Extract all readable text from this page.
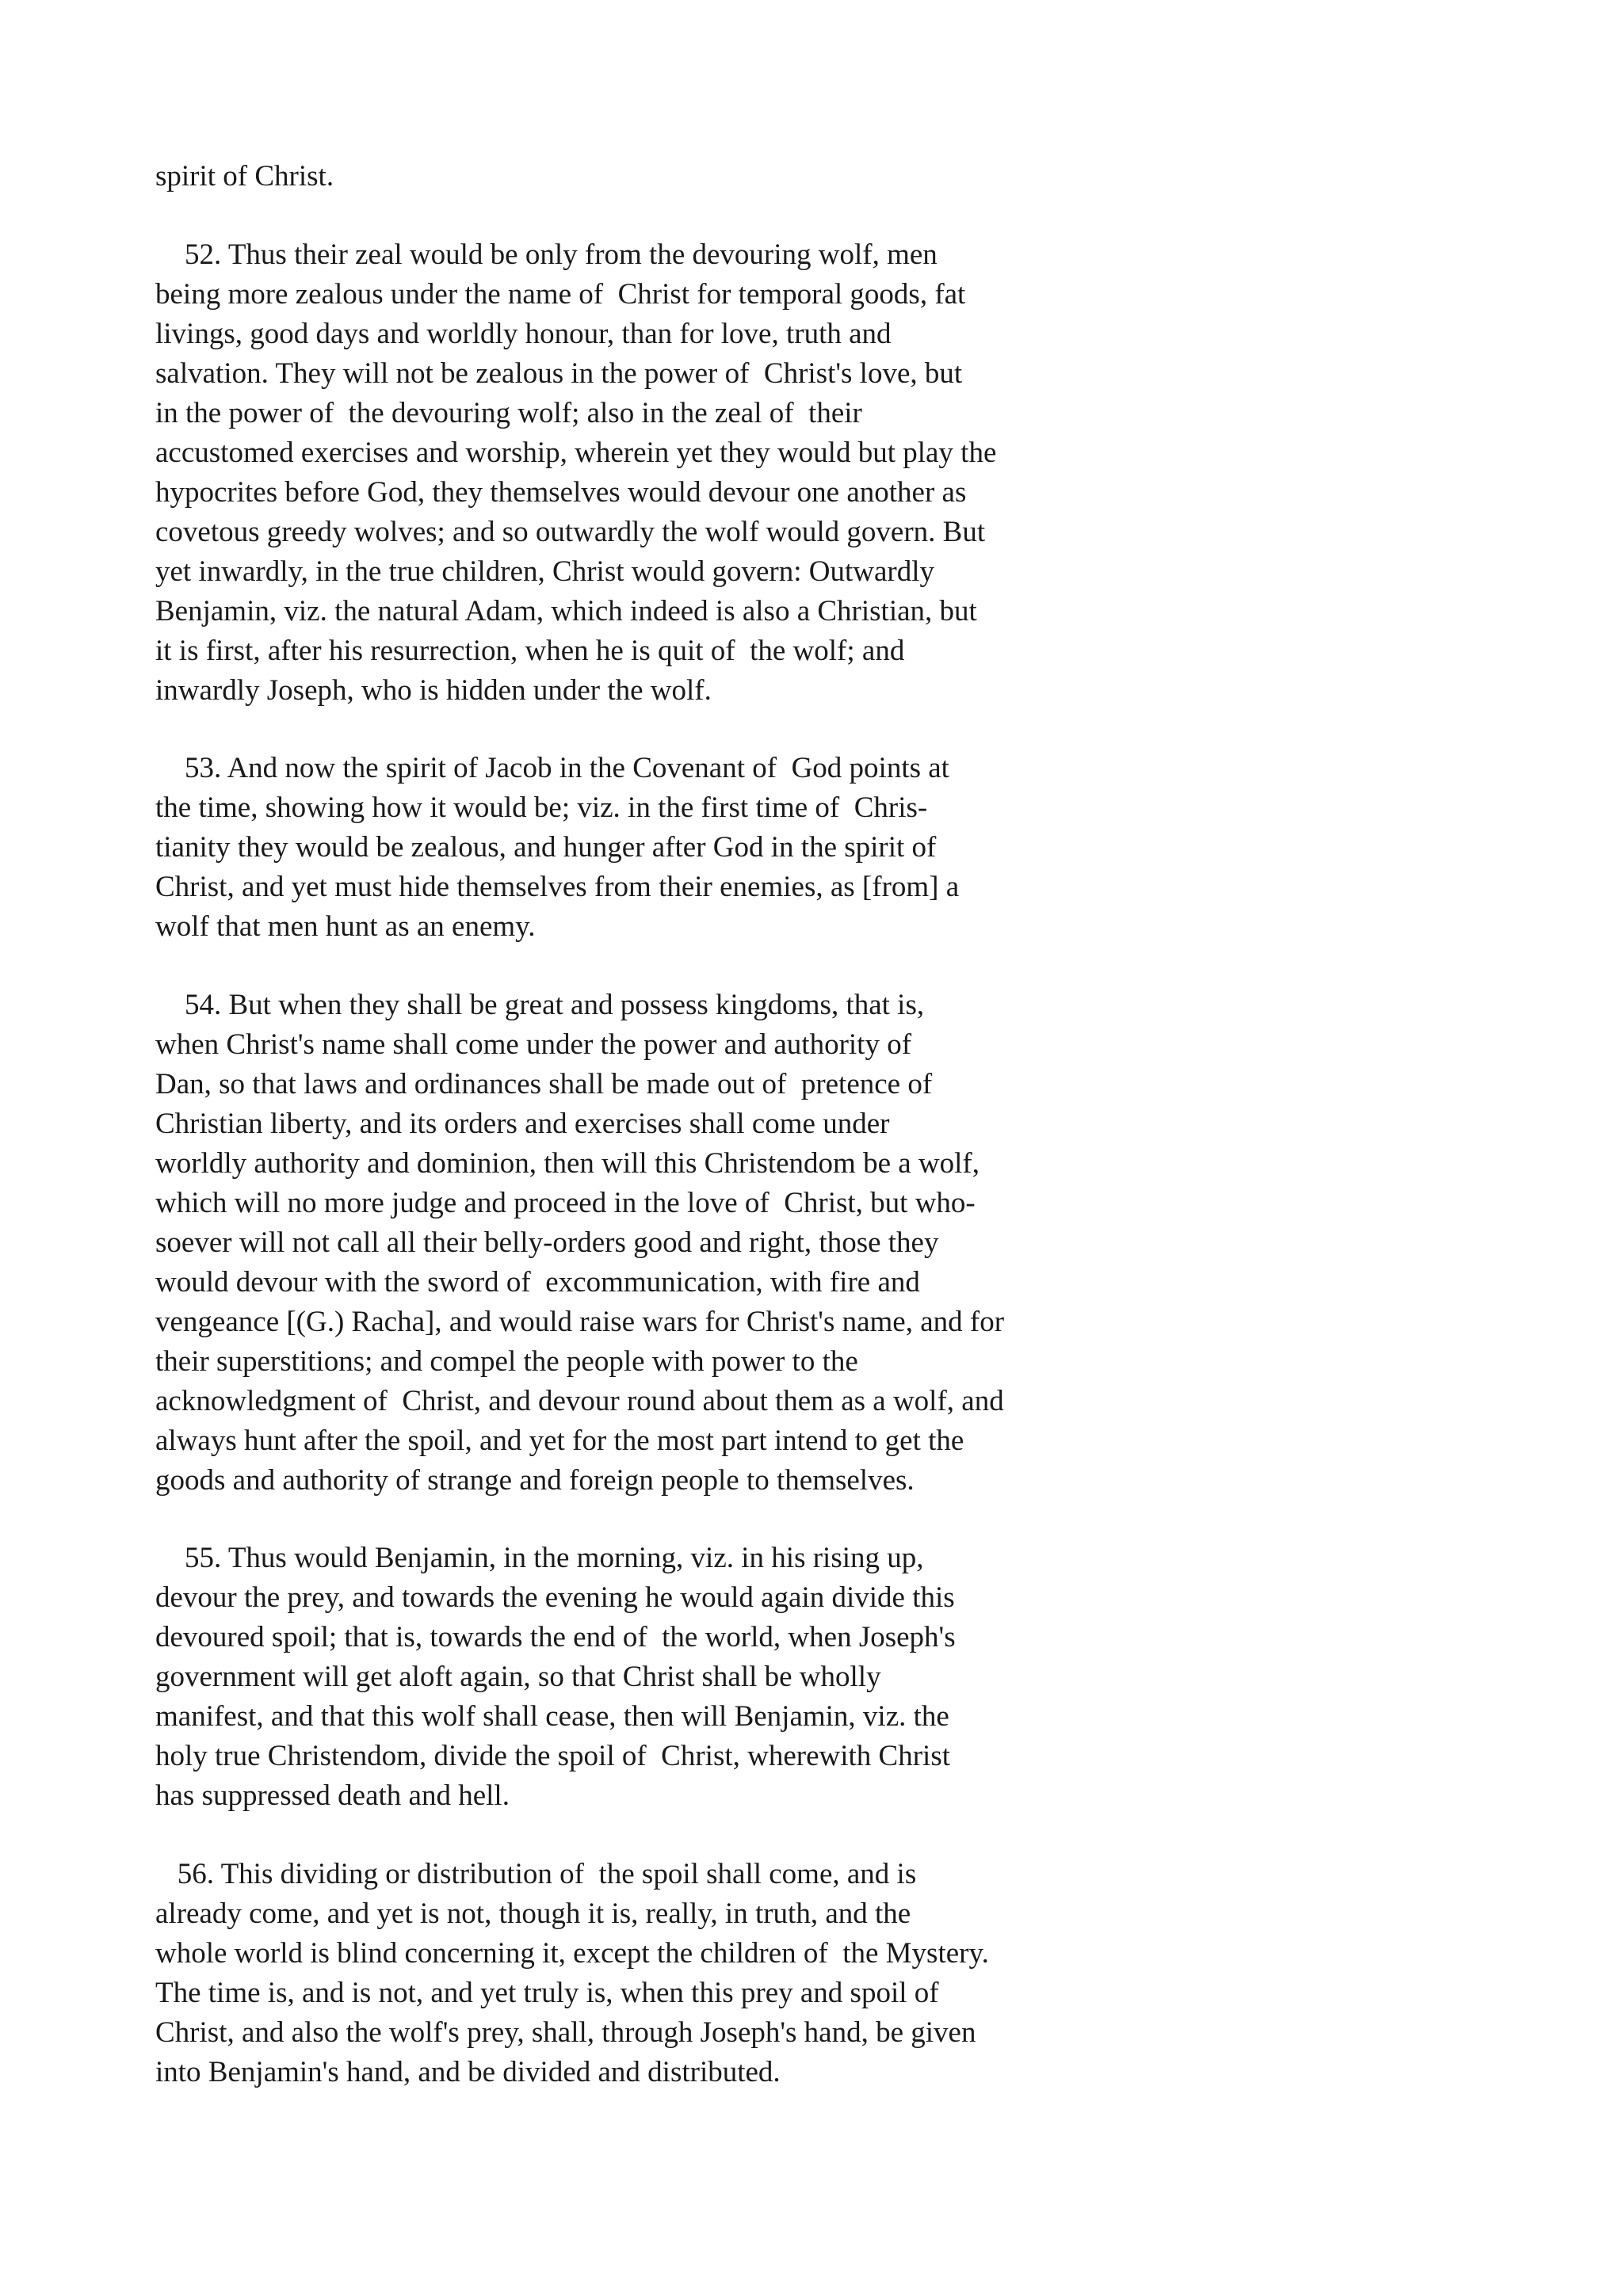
spirit of Christ.
52. Thus their zeal would be only from the devouring wolf, men
being more zealous under the name of  Christ for temporal goods, fat
livings, good days and worldly honour, than for love, truth and
salvation. They will not be zealous in the power of  Christ's love, but
in the power of  the devouring wolf; also in the zeal of  their
accustomed exercises and worship, wherein yet they would but play the
hypocrites before God, they themselves would devour one another as
covetous greedy wolves; and so outwardly the wolf would govern. But
yet inwardly, in the true children, Christ would govern: Outwardly
Benjamin, viz. the natural Adam, which indeed is also a Christian, but
it is first, after his resurrection, when he is quit of  the wolf; and
inwardly Joseph, who is hidden under the wolf.
53. And now the spirit of Jacob in the Covenant of  God points at
the time, showing how it would be; viz. in the first time of  Chris-
tianity they would be zealous, and hunger after God in the spirit of
Christ, and yet must hide themselves from their enemies, as [from] a
wolf that men hunt as an enemy.
54. But when they shall be great and possess kingdoms, that is,
when Christ's name shall come under the power and authority of
Dan, so that laws and ordinances shall be made out of  pretence of
Christian liberty, and its orders and exercises shall come under
worldly authority and dominion, then will this Christendom be a wolf,
which will no more judge and proceed in the love of  Christ, but who-
soever will not call all their belly-orders good and right, those they
would devour with the sword of  excommunication, with fire and
vengeance [(G.) Racha], and would raise wars for Christ's name, and for
their superstitions; and compel the people with power to the
acknowledgment of  Christ, and devour round about them as a wolf, and
always hunt after the spoil, and yet for the most part intend to get the
goods and authority of strange and foreign people to themselves.
55. Thus would Benjamin, in the morning, viz. in his rising up,
devour the prey, and towards the evening he would again divide this
devoured spoil; that is, towards the end of  the world, when Joseph's
government will get aloft again, so that Christ shall be wholly
manifest, and that this wolf shall cease, then will Benjamin, viz. the
holy true Christendom, divide the spoil of  Christ, wherewith Christ
has suppressed death and hell.
56. This dividing or distribution of  the spoil shall come, and is
already come, and yet is not, though it is, really, in truth, and the
whole world is blind concerning it, except the children of  the Mystery.
The time is, and is not, and yet truly is, when this prey and spoil of
Christ, and also the wolf's prey, shall, through Joseph's hand, be given
into Benjamin's hand, and be divided and distributed.
